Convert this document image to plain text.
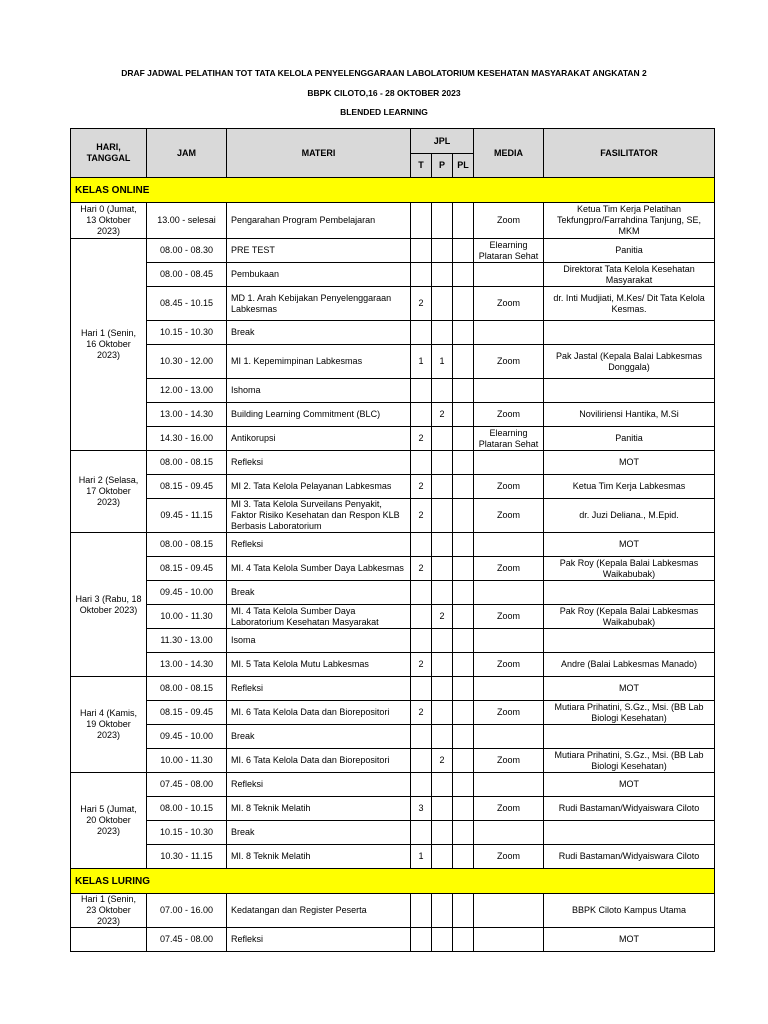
DRAF JADWAL PELATIHAN TOT TATA KELOLA PENYELENGGARAAN LABOLATORIUM KESEHATAN MASYARAKAT ANGKATAN 2
BBPK CILOTO,16 - 28 OKTOBER 2023
BLENDED LEARNING
HARI, TANGGAL	JAM	MATERI	JPL			MEDIA	FASILITATOR
			T	P	PL		
KELAS ONLINE							
Hari 0 (Jumat, 13 Oktober 2023)	13.00 - selesai	Pengarahan Program Pembelajaran				Zoom	Ketua Tim Kerja Pelatihan Tekfungpro/Farrahdina Tanjung, SE, MKM
Hari 1 (Senin, 16 Oktober 2023)	08.00 - 08.30	PRE TEST				Elearning Plataran Sehat	Panitia
	08.00 - 08.45	Pembukaan					Direktorat Tata Kelola Kesehatan Masyarakat
	08.45 - 10.15	MD 1. Arah Kebijakan Penyelenggaraan Labkesmas	2			Zoom	dr. Inti Mudjiati, M.Kes/ Dit Tata Kelola Kesmas.
	10.15 - 10.30	Break					
	10.30 - 12.00	MI 1. Kepemimpinan Labkesmas	1	1		Zoom	Pak Jastal (Kepala Balai Labkesmas Donggala)
	12.00 - 13.00	Ishoma					
	13.00 - 14.30	Building Learning Commitment (BLC)		2		Zoom	Noviliriensi Hantika, M.Si
	14.30 - 16.00	Antikorupsi	2			Elearning Plataran Sehat	Panitia
Hari 2 (Selasa, 17 Oktober 2023)	08.00 - 08.15	Refleksi					MOT
	08.15 - 09.45	MI 2. Tata Kelola Pelayanan Labkesmas	2			Zoom	Ketua Tim Kerja Labkesmas
	09.45 - 11.15	MI 3. Tata Kelola Surveilans Penyakit, Faktor Risiko Kesehatan dan Respon KLB Berbasis Laboratorium	2			Zoom	dr. Juzi Deliana., M.Epid.
Hari 3 (Rabu, 18 Oktober 2023)	08.00 - 08.15	Refleksi					MOT
	08.15 - 09.45	MI. 4 Tata Kelola Sumber Daya Labkesmas	2			Zoom	Pak Roy (Kepala Balai Labkesmas Waikabubak)
	09.45 - 10.00	Break					
	10.00 - 11.30	MI. 4 Tata Kelola Sumber Daya Laboratorium Kesehatan Masyarakat		2		Zoom	Pak Roy (Kepala Balai Labkesmas Waikabubak)
	11.30 - 13.00	Isoma					
	13.00 - 14.30	MI. 5 Tata Kelola Mutu Labkesmas	2			Zoom	Andre (Balai Labkesmas Manado)
Hari 4 (Kamis, 19 Oktober 2023)	08.00 - 08.15	Refleksi					MOT
	08.15 - 09.45	MI. 6 Tata Kelola Data dan Biorepositori	2			Zoom	Mutiara Prihatini, S.Gz., Msi. (BB Lab Biologi Kesehatan)
	09.45 - 10.00	Break					
	10.00 - 11.30	MI. 6 Tata Kelola Data dan Biorepositori		2		Zoom	Mutiara Prihatini, S.Gz., Msi. (BB Lab Biologi Kesehatan)
Hari 5 (Jumat, 20 Oktober 2023)	07.45 - 08.00	Refleksi					MOT
	08.00 - 10.15	MI. 8 Teknik Melatih	3			Zoom	Rudi Bastaman/Widyaiswara Ciloto
	10.15 - 10.30	Break					
	10.30 - 11.15	MI. 8 Teknik Melatih	1			Zoom	Rudi Bastaman/Widyaiswara Ciloto
KELAS LURING							
Hari 1 (Senin, 23 Oktober 2023)	07.00 - 16.00	Kedatangan dan Register Peserta					BBPK Ciloto Kampus Utama
	07.45 - 08.00	Refleksi					MOT
